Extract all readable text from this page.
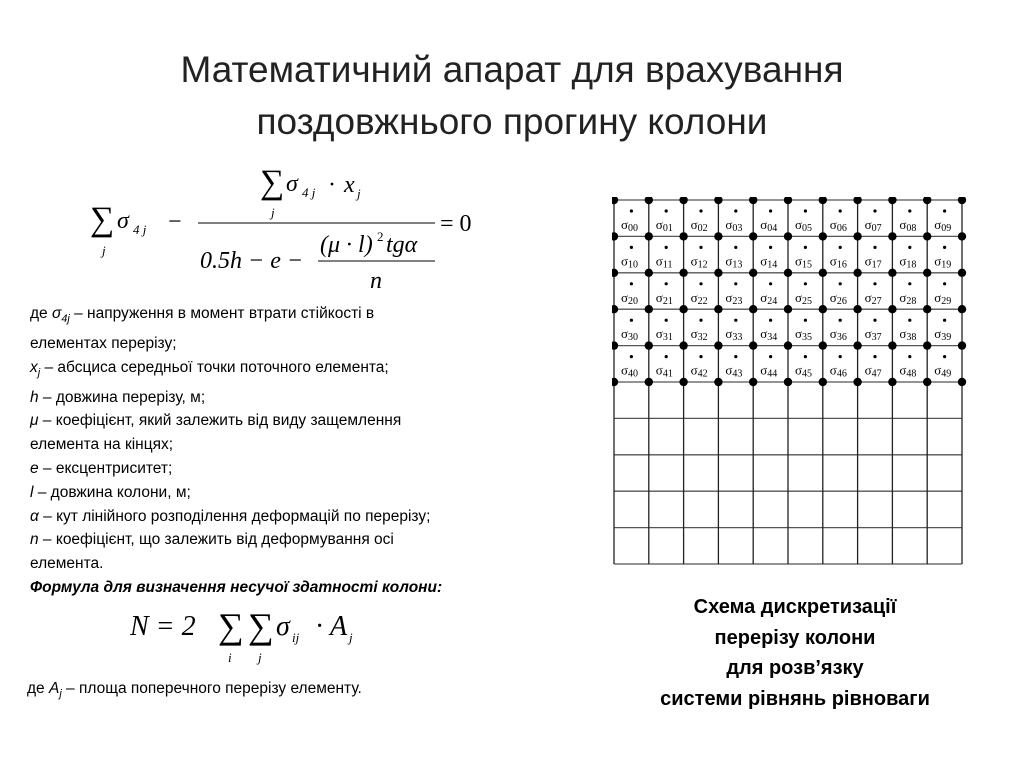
Математичний апарат для врахування
поздовжнього прогину колони
∑
j
σ 4 j −
∑
j
σ 4 j · x j
0.5h − e −
(μ · l) 2 tgα
n
= 0
де $\sigma_{4j}$ – напруження в момент втрати стійкості в
елементах перерізу;
$x_j$ – абсциса середньої точки поточного елемента;
h – довжина перерізу, м;
μ – коефіцієнт, який залежить від виду защемлення
елемента на кінцях;
e – ексцентриситет;
l – довжина колони, м;
α – кут лінійного розподілення деформацій по перерізу;
n – коефіцієнт, що залежить від деформування осі
елемента.
Формула для визначення несучої здатності колони:
N = 2 ∑
i
∑
j
σ ij · A j
де $A_j$ – площа поперечного перерізу елементу.
σ00 σ01 σ02 σ03 σ04 σ05 σ06 σ07 σ08 σ09
σ10 σ11 σ12 σ13 σ14 σ15 σ16 σ17 σ18 σ19
σ20 σ21 σ22 σ23 σ24 σ25 σ26 σ27 σ28 σ29
σ30 σ31 σ32 σ33 σ34 σ35 σ36 σ37 σ38 σ39
σ40 σ41 σ42 σ43 σ44 σ45 σ46 σ47 σ48 σ49
Схема дискретизації
перерізу колони
для розв’язку
системи рівнянь рівноваги
